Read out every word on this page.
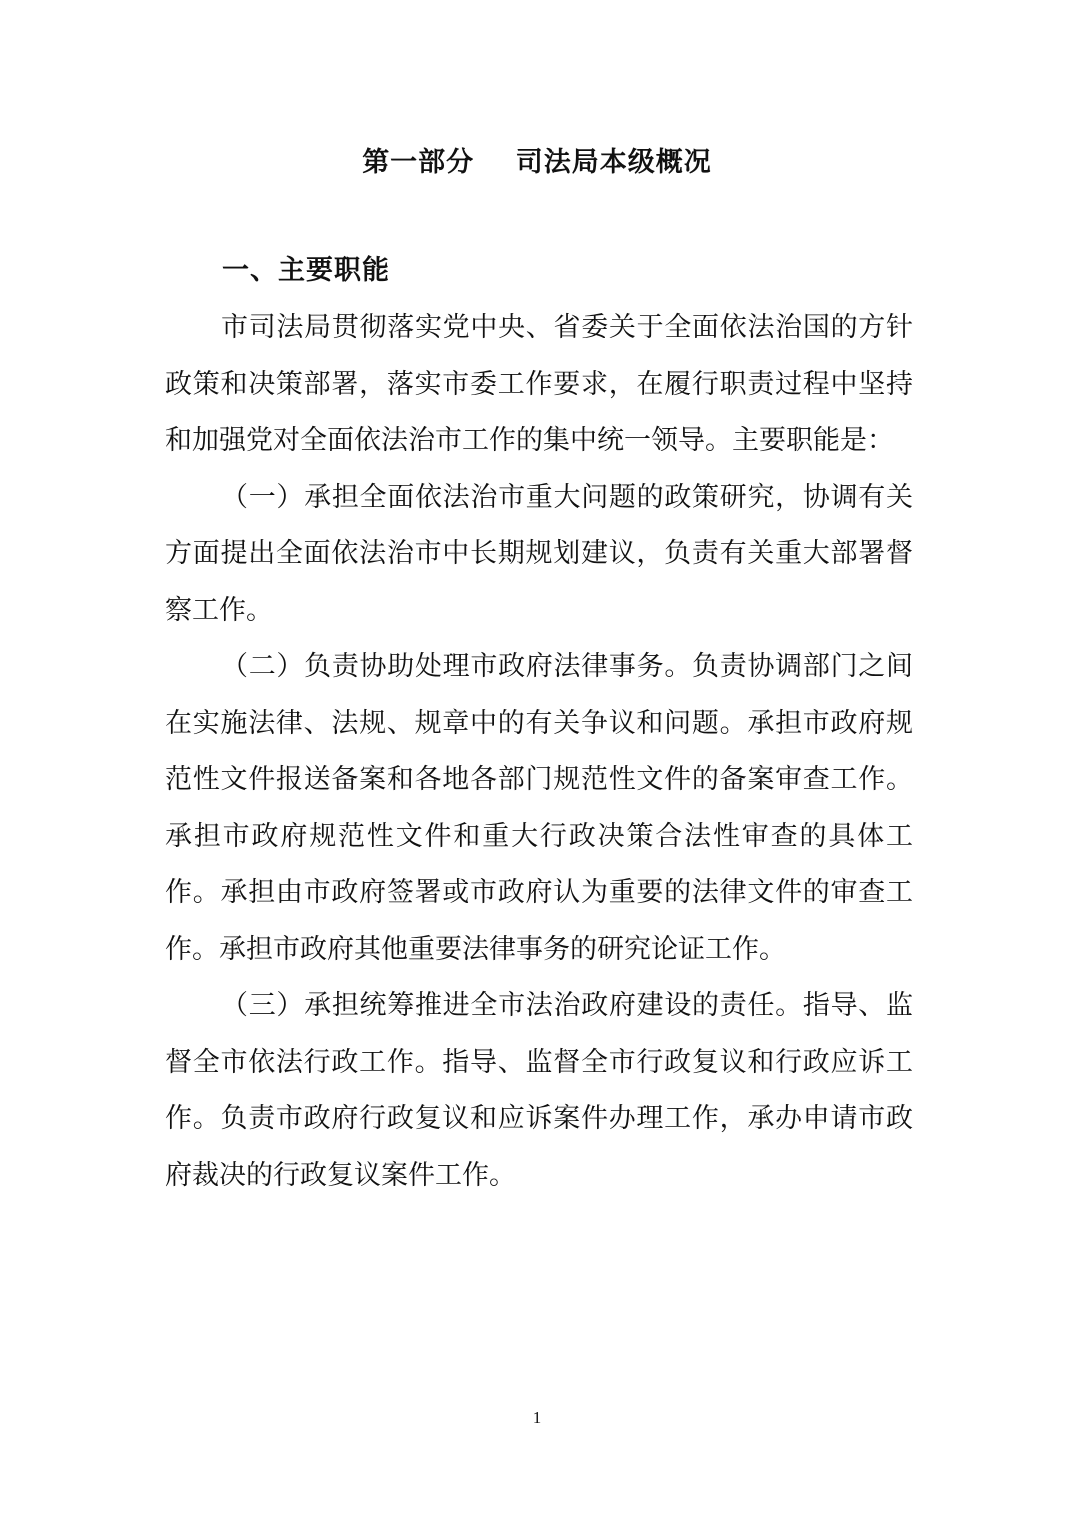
第一部分    司法局本级概况
一、主要职能

市司法局贯彻落实党中央、省委关于全面依法治国的方针政策和决策部署，落实市委工作要求，在履行职责过程中坚持和加强党对全面依法治市工作的集中统一领导。主要职能是：

（一）承担全面依法治市重大问题的政策研究，协调有关方面提出全面依法治市中长期规划建议，负责有关重大部署督察工作。

（二）负责协助处理市政府法律事务。负责协调部门之间在实施法律、法规、规章中的有关争议和问题。承担市政府规范性文件报送备案和各地各部门规范性文件的备案审查工作。承担市政府规范性文件和重大行政决策合法性审查的具体工作。承担由市政府签署或市政府认为重要的法律文件的审查工作。承担市政府其他重要法律事务的研究论证工作。

（三）承担统筹推进全市法治政府建设的责任。指导、监督全市依法行政工作。指导、监督全市行政复议和行政应诉工作。负责市政府行政复议和应诉案件办理工作，承办申请市政府裁决的行政复议案件工作。

1
